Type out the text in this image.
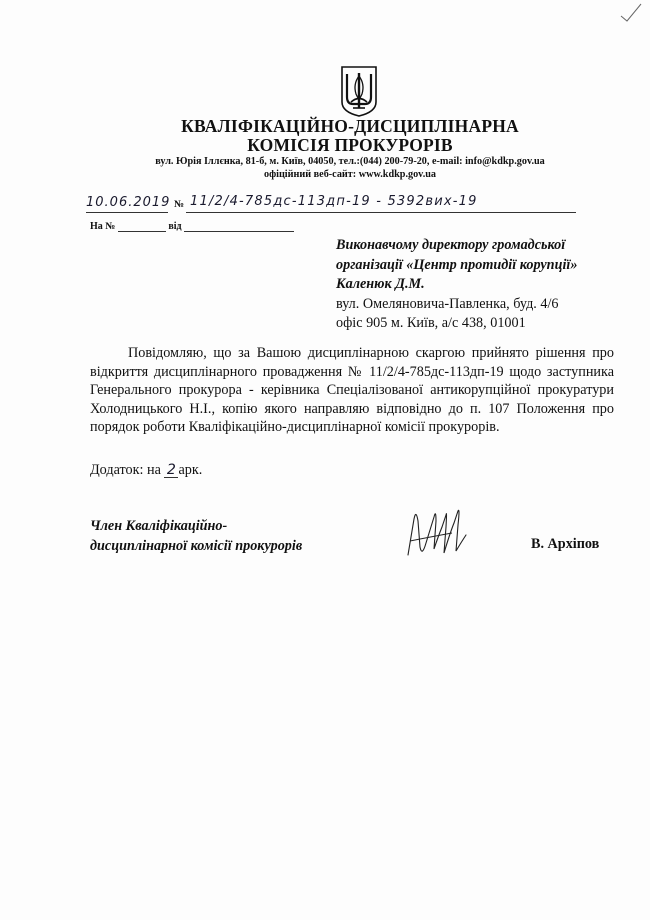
КВАЛІФІКАЦІЙНО-ДИСЦИПЛІНАРНА
КОМІСІЯ ПРОКУРОРІВ
вул. Юрія Іллєнка, 81-б, м. Київ, 04050, тел.:(044) 200-79-20, e-mail: info@kdkp.gov.ua
офіційний веб-сайт: www.kdkp.gov.ua
10.06.2019 № 11/2/4-785дс-113дп-19 - 5392вих-19
На №	від
Виконавчому директору громадської
організації «Центр протидії корупції»
Каленюк Д.М.
вул. Омеляновича-Павленка, буд. 4/6
офіс 905 м. Київ, а/с 438, 01001
Повідомляю, що за Вашою дисциплінарною скаргою прийнято рішення про відкриття дисциплінарного провадження № 11/2/4-785дс-113дп-19 щодо заступника Генерального прокурора - керівника Спеціалізованої антикорупційної прокуратури Холодницького Н.І., копію якого направляю відповідно до п. 107 Положення про порядок роботи Кваліфікаційно-дисциплінарної комісії прокурорів.
Додаток: на 2 арк.
Член Кваліфікаційно-
дисциплінарної комісії прокурорів	В. Архіпов
